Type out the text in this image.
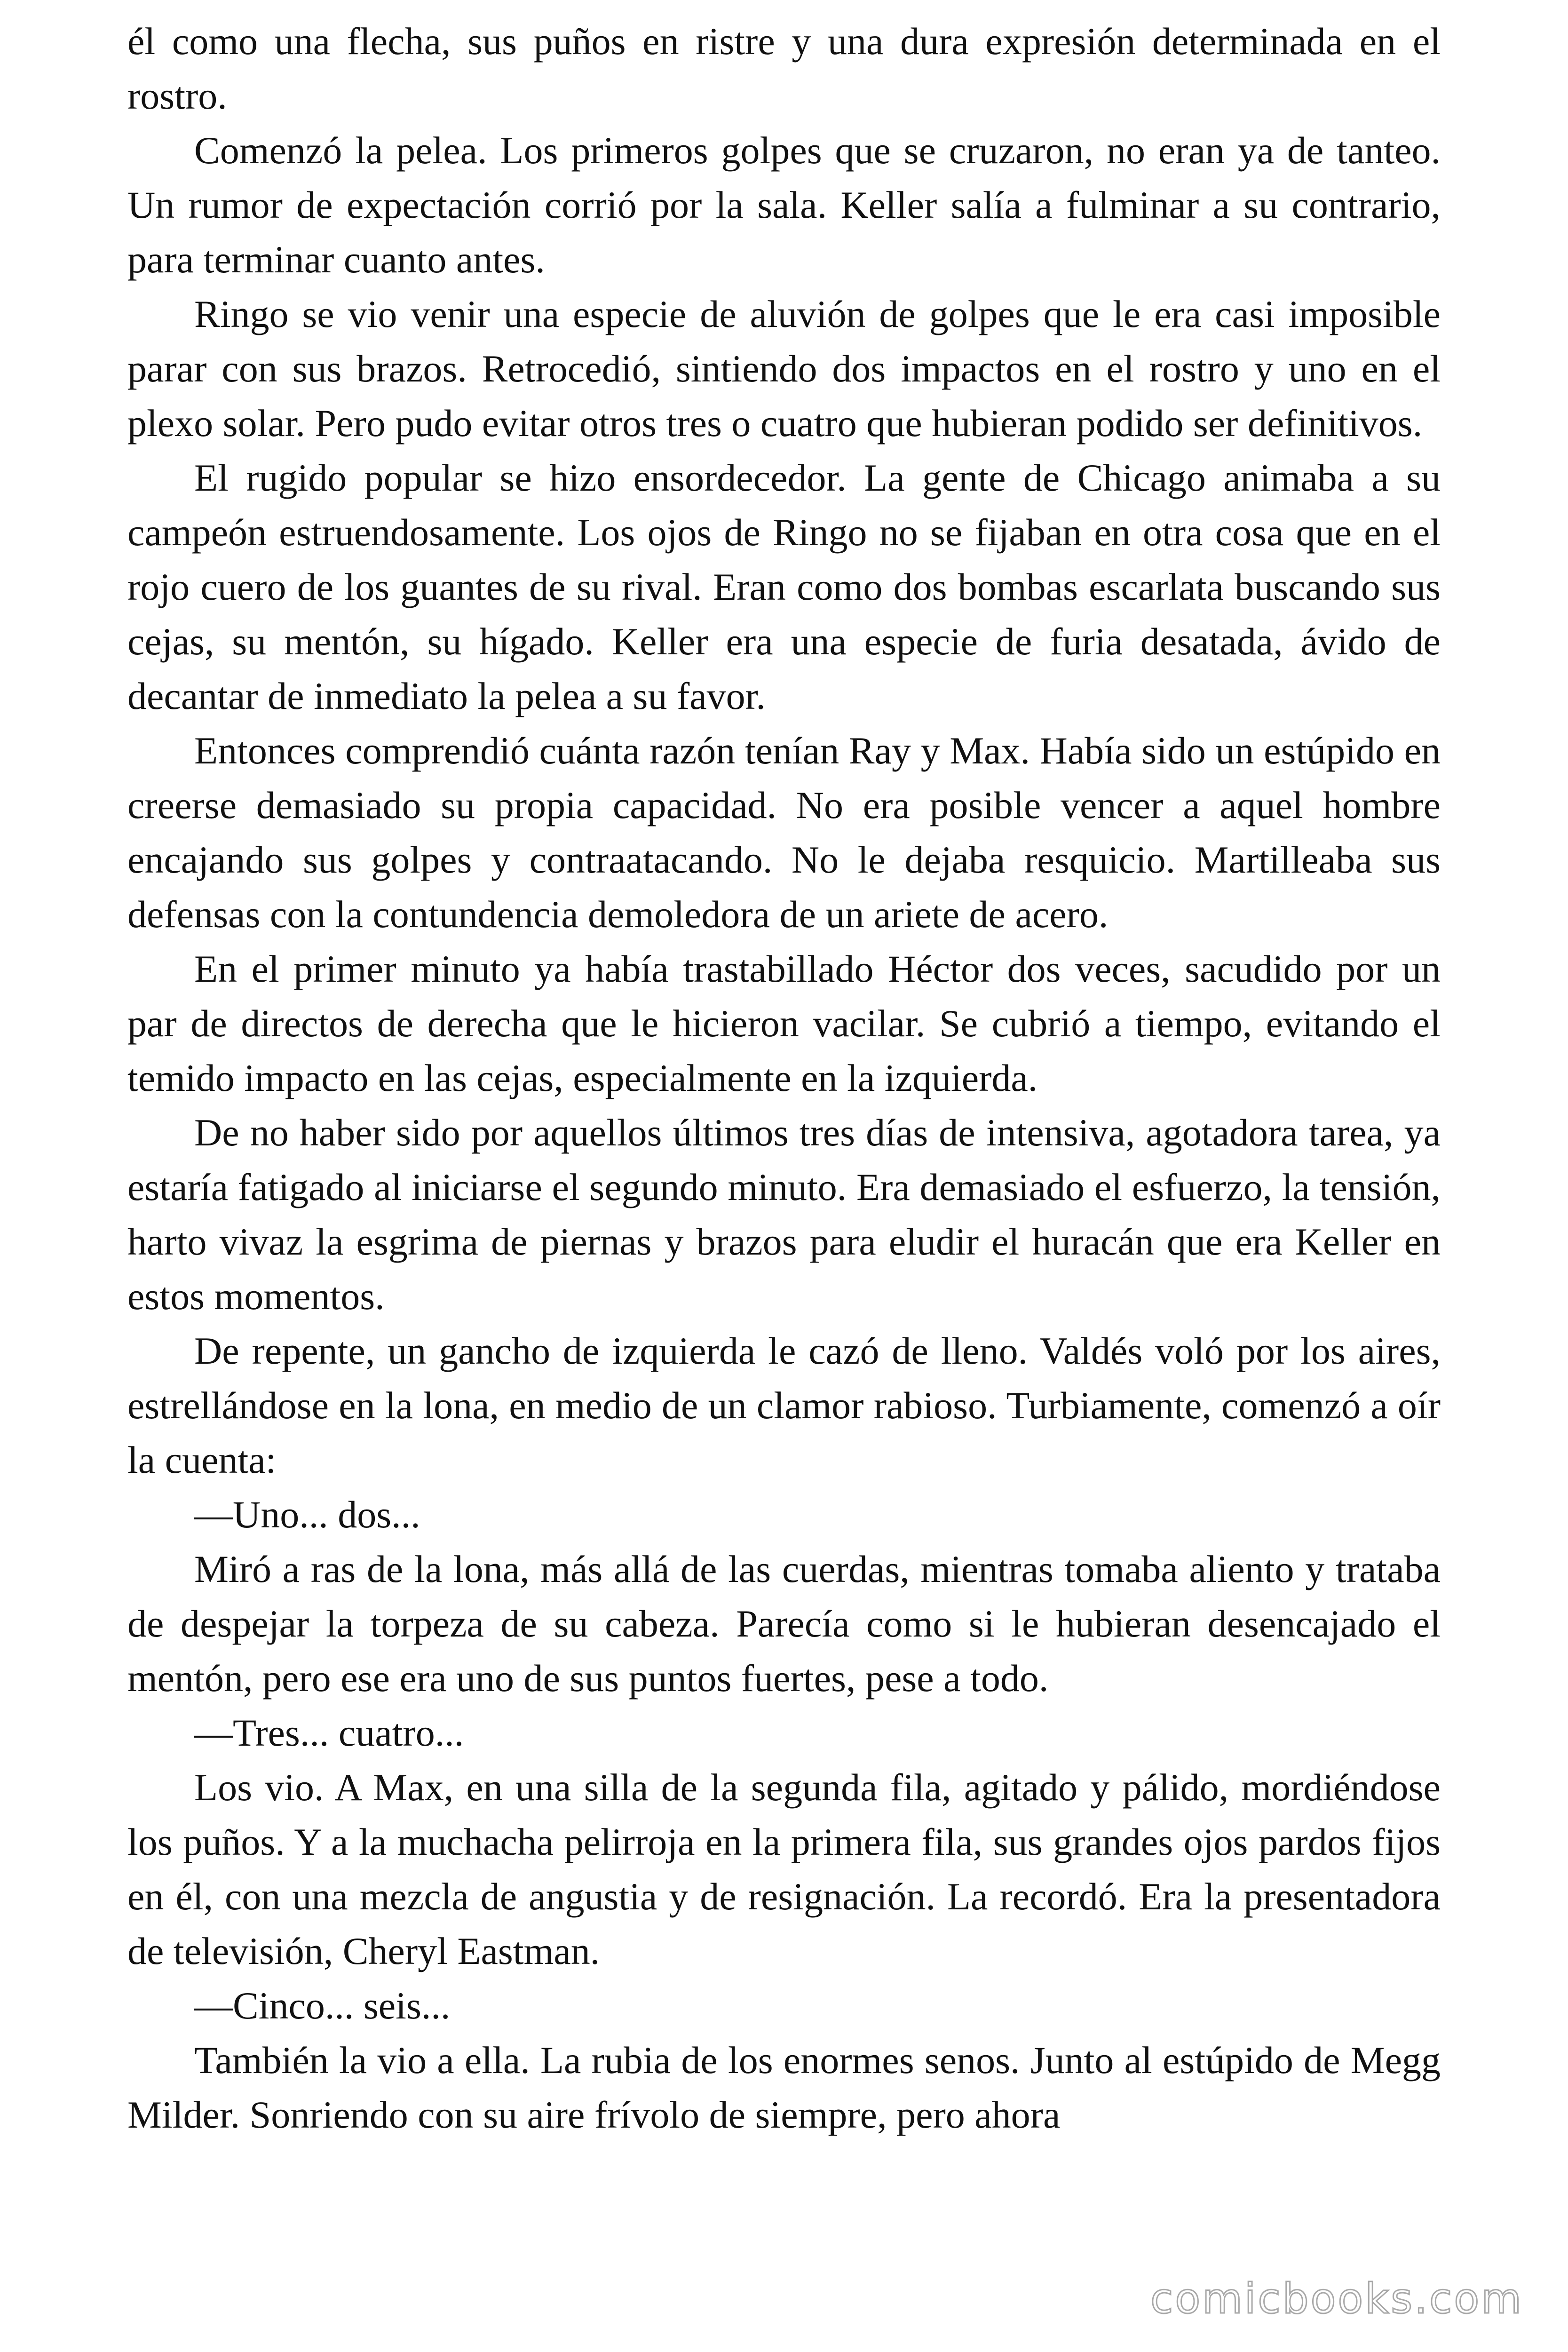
él como una flecha, sus puños en ristre y una dura expresión determinada en el rostro.

Comenzó la pelea. Los primeros golpes que se cruzaron, no eran ya de tanteo. Un rumor de expectación corrió por la sala. Keller salía a fulminar a su contrario, para terminar cuanto antes.

Ringo se vio venir una especie de aluvión de golpes que le era casi imposible parar con sus brazos. Retrocedió, sintiendo dos impactos en el rostro y uno en el plexo solar. Pero pudo evitar otros tres o cuatro que hubieran podido ser definitivos.

El rugido popular se hizo ensordecedor. La gente de Chicago animaba a su campeón estruendosamente. Los ojos de Ringo no se fijaban en otra cosa que en el rojo cuero de los guantes de su rival. Eran como dos bombas escarlata buscando sus cejas, su mentón, su hígado. Keller era una especie de furia desatada, ávido de decantar de inmediato la pelea a su favor.

Entonces comprendió cuánta razón tenían Ray y Max. Había sido un estúpido en creerse demasiado su propia capacidad. No era posible vencer a aquel hombre encajando sus golpes y contraatacando. No le dejaba resquicio. Martilleaba sus defensas con la contundencia demoledora de un ariete de acero.

En el primer minuto ya había trastabillado Héctor dos veces, sacudido por un par de directos de derecha que le hicieron vacilar. Se cubrió a tiempo, evitando el temido impacto en las cejas, especialmente en la izquierda.

De no haber sido por aquellos últimos tres días de intensiva, agotadora tarea, ya estaría fatigado al iniciarse el segundo minuto. Era demasiado el esfuerzo, la tensión, harto vivaz la esgrima de piernas y brazos para eludir el huracán que era Keller en estos momentos.

De repente, un gancho de izquierda le cazó de lleno. Valdés voló por los aires, estrellándose en la lona, en medio de un clamor rabioso. Turbiamente, comenzó a oír la cuenta:

—Uno... dos...

Miró a ras de la lona, más allá de las cuerdas, mientras tomaba aliento y trataba de despejar la torpeza de su cabeza. Parecía como si le hubieran desencajado el mentón, pero ese era uno de sus puntos fuertes, pese a todo.

—Tres... cuatro...

Los vio. A Max, en una silla de la segunda fila, agitado y pálido, mordiéndose los puños. Y a la muchacha pelirroja en la primera fila, sus grandes ojos pardos fijos en él, con una mezcla de angustia y de resignación. La recordó. Era la presentadora de televisión, Cheryl Eastman.

—Cinco... seis...

También la vio a ella. La rubia de los enormes senos. Junto al estúpido de Megg Milder. Sonriendo con su aire frívolo de siempre, pero ahora

comicbooks.com
